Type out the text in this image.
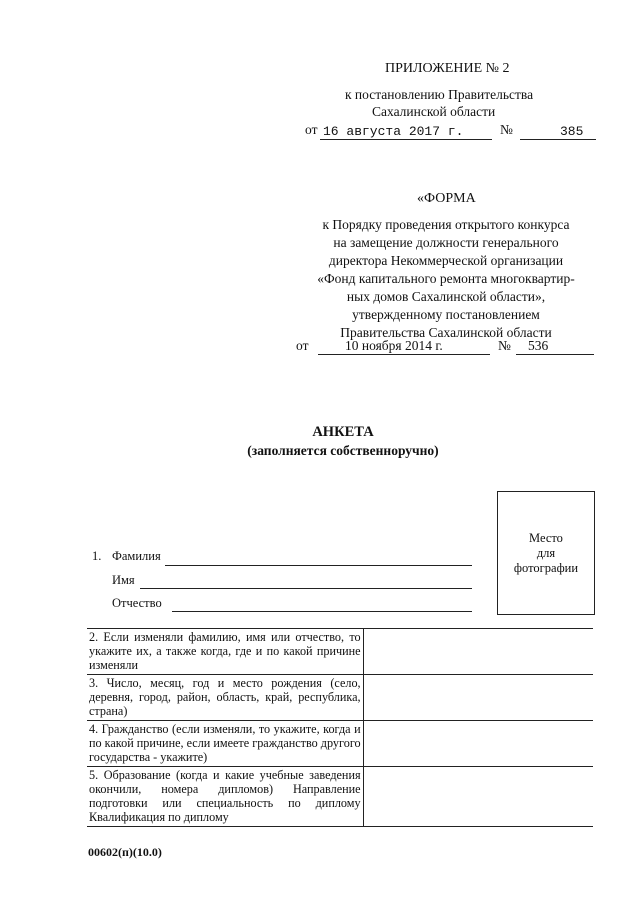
ПРИЛОЖЕНИЕ № 2
к постановлению Правительства
Сахалинской области
от 16 августа 2017 г.	№	385
«ФОРМА
к Порядку проведения открытого конкурса
на замещение должности генерального
директора Некоммерческой организации
«Фонд капитального ремонта многоквартир-
ных домов Сахалинской области»,
утвержденному постановлением
Правительства Сахалинской области
от	10 ноября 2014 г.	№ 536
АНКЕТА
(заполняется собственноручно)
Место
для
фотографии
1. Фамилия
Имя
Отчество
2. Если изменяли фамилию, имя или отчество, то укажите их, а также когда, где и по какой причине изменяли	
3. Число, месяц, год и место рождения (село, деревня, город, район, область, край, республика, страна)	
4. Гражданство (если изменяли, то укажите, когда и по какой причине, если имеете гражданство другого государства - укажите)	
5. Образование (когда и какие учебные заведения окончили, номера дипломов) Направление подготовки или специальность по диплому Квалификация по диплому	
00602(п)(10.0)
